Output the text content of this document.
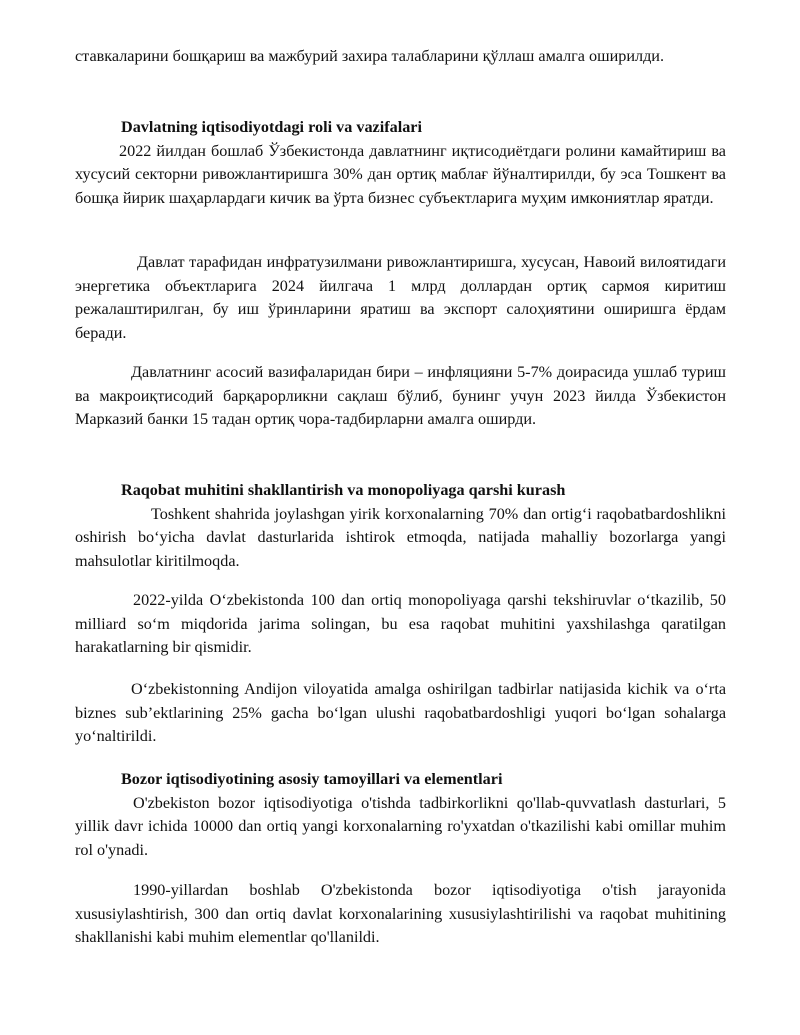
ставкаларини бошқариш ва мажбурий захира талабларини қўллаш амалга оширилди.

Davlatning iqtisodiyotdagi roli va vazifalari

2022 йилдан бошлаб Ўзбекистонда давлатнинг иқтисодиётдаги ролини камайтириш ва хусусий секторни ривожлантиришга 30% дан ортиқ маблағ йўналтирилди, бу эса Тошкент ва бошқа йирик шаҳарлардаги кичик ва ўрта бизнес субъектларига муҳим имкониятлар яратди.

Давлат тарафидан инфратузилмани ривожлантиришга, хусусан, Навоий вилоятидаги энергетика объектларига 2024 йилгача 1 млрд доллардан ортиқ сармоя киритиш режалаштирилган, бу иш ўринларини яратиш ва экспорт салоҳиятини оширишга ёрдам беради.

Давлатнинг асосий вазифаларидан бири – инфляцияни 5-7% доирасида ушлаб туриш ва макроиқтисодий барқарорликни сақлаш бўлиб, бунинг учун 2023 йилда Ўзбекистон Марказий банки 15 тадан ортиқ чора-тадбирларни амалга оширди.

Raqobat muhitini shakllantirish va monopoliyaga qarshi kurash

Toshkent shahrida joylashgan yirik korxonalarning 70% dan ortig‘i raqobatbardoshlikni oshirish bo‘yicha davlat dasturlarida ishtirok etmoqda, natijada mahalliy bozorlarga yangi mahsulotlar kiritilmoqda.

2022-yilda O‘zbekistonda 100 dan ortiq monopoliyaga qarshi tekshiruvlar o‘tkazilib, 50 milliard so‘m miqdorida jarima solingan, bu esa raqobat muhitini yaxshilashga qaratilgan harakatlarning bir qismidir.

O‘zbekistonning Andijon viloyatida amalga oshirilgan tadbirlar natijasida kichik va o‘rta biznes sub’ektlarining 25% gacha bo‘lgan ulushi raqobatbardoshligi yuqori bo‘lgan sohalarga yo‘naltirildi.

Bozor iqtisodiyotining asosiy tamoyillari va elementlari

O'zbekiston bozor iqtisodiyotiga o'tishda tadbirkorlikni qo'llab-quvvatlash dasturlari, 5 yillik davr ichida 10000 dan ortiq yangi korxonalarning ro'yxatdan o'tkazilishi kabi omillar muhim rol o'ynadi.

1990-yillardan boshlab O'zbekistonda bozor iqtisodiyotiga o'tish jarayonida xususiylashtirish, 300 dan ortiq davlat korxonalarining xususiylashtirilishi va raqobat muhitining shakllanishi kabi muhim elementlar qo'llanildi.
